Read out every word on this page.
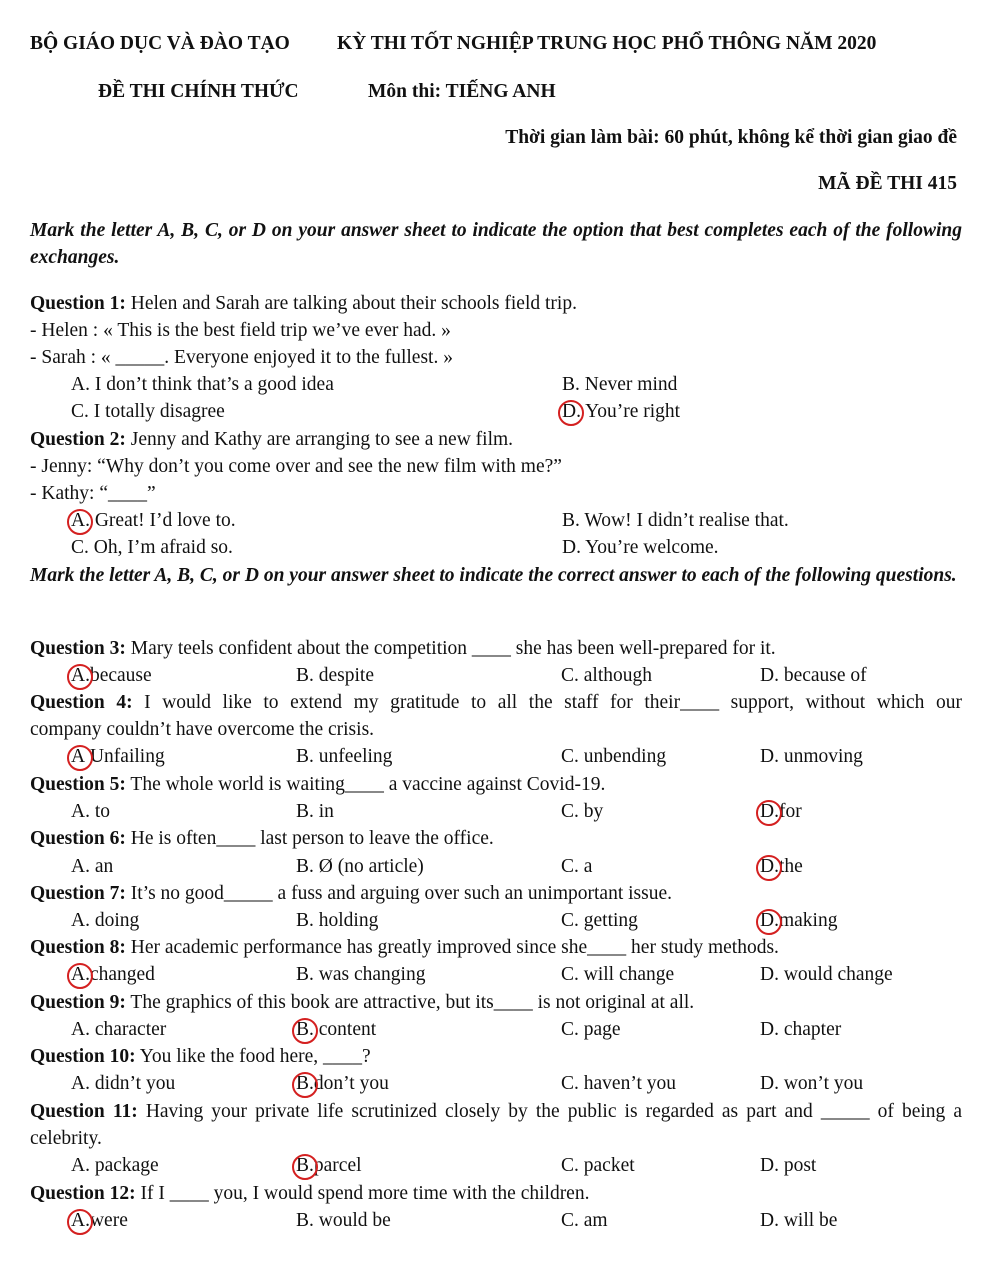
BỘ GIÁO DỤC VÀ ĐÀO TẠO KỲ THI TỐT NGHIỆP TRUNG HỌC PHỔ THÔNG NĂM 2020
ĐỀ THI CHÍNH THỨC	Môn thi: TIẾNG ANH
Thời gian làm bài: 60 phút, không kể thời gian giao đề
MÃ ĐỀ THI 415
Mark the letter A, B, C, or D on your answer sheet to indicate the option that best completes each of the following exchanges.
Question 1: Helen and Sarah are talking about their schools field trip.
- Helen : « This is the best field trip we’ve ever had. »
- Sarah : « _____. Everyone enjoyed it to the fullest. »
A. I don’t think that’s a good idea	B. Never mind
C. I totally disagree	D. You’re right
Question 2: Jenny and Kathy are arranging to see a new film.
- Jenny: “Why don’t you come over and see the new film with me?”
- Kathy: “____”
A. Great! I’d love to.	B. Wow! I didn’t realise that.
C. Oh, I’m afraid so.	D. You’re welcome.
Mark the letter A, B, C, or D on your answer sheet to indicate the correct answer to each of the following questions.
Question 3: Mary teels confident about the competition ____ she has been well-prepared for it.
A.because	B. despite	C. although	D. because of
Question 4: I would like to extend my gratitude to all the staff for their____ support, without which our
company couldn’t have overcome the crisis.
A Unfailing	B. unfeeling	C. unbending	D. unmoving
Question 5: The whole world is waiting____ a vaccine against Covid-19.
A. to	B. in	C. by	D.for
Question 6: He is often____ last person to leave the office.
A. an	B. Ø (no article)	C. a	D.the
Question 7: It’s no good_____ a fuss and arguing over such an unimportant issue.
A. doing	B. holding	C. getting	D.making
Question 8: Her academic performance has greatly improved since she____ her study methods.
A.changed	B. was changing	C. will change	D. would change
Question 9: The graphics of this book are attractive, but its____ is not original at all.
A. character	B. content	C. page	D. chapter
Question 10: You like the food here, ____?
A. didn’t you	B.don’t you	C. haven’t you	D. won’t you
Question 11: Having your private life scrutinized closely by the public is regarded as part and _____ of being a
celebrity.
A. package	B.parcel	C. packet	D. post
Question 12: If I ____ you, I would spend more time with the children.
A.were	B. would be	C. am	D. will be
